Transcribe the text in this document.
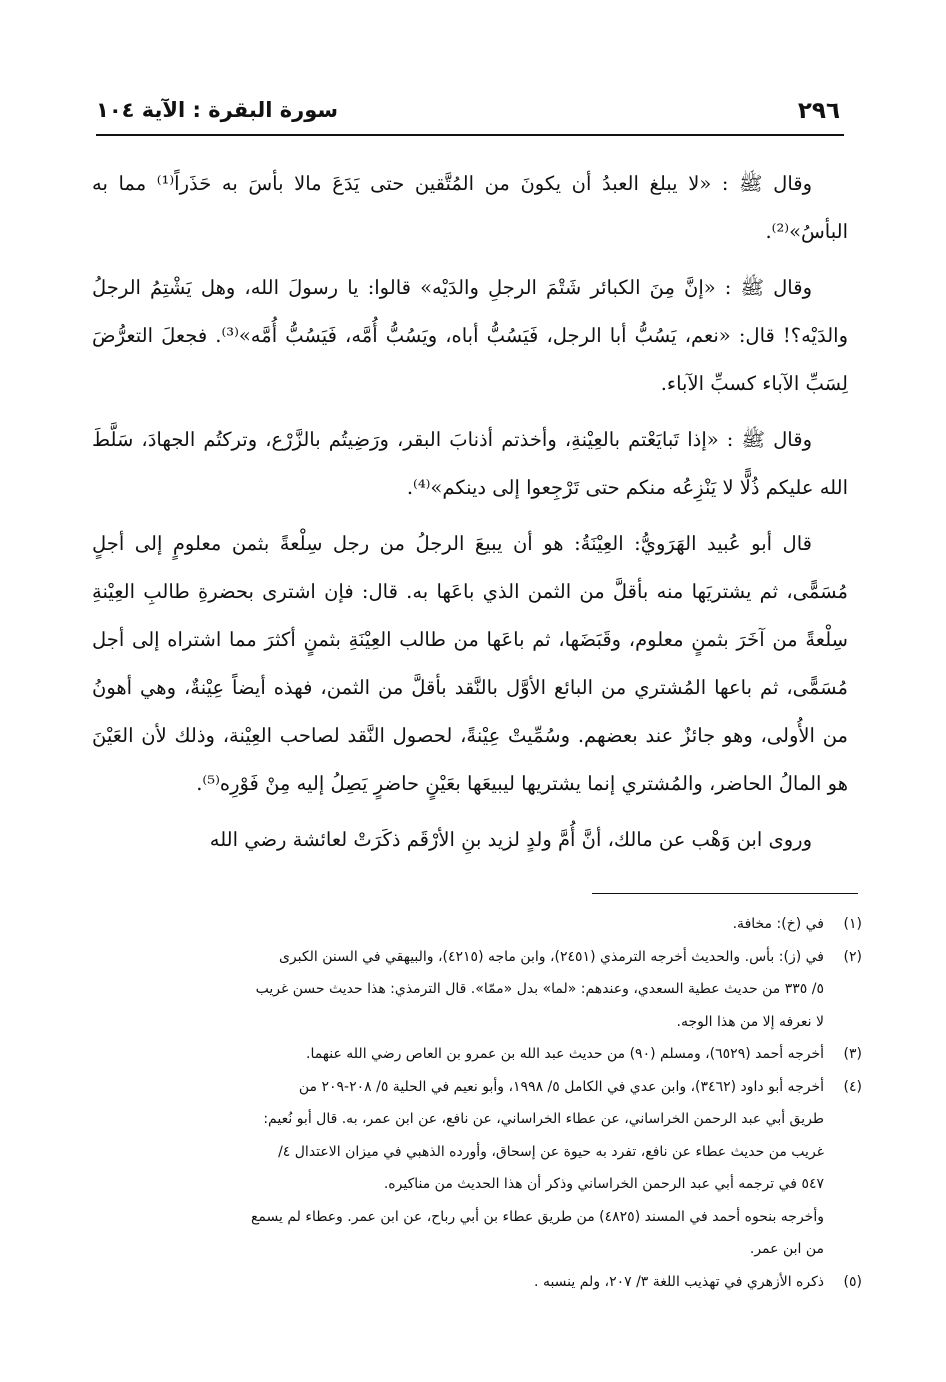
٢٩٦
سورة البقرة : الآية ١٠٤

وقال ﷺ : «لا يبلغ العبدُ أن يكونَ من المُتَّقين حتى يَدَعَ مالا بأسَ به حَذَراً⁽¹⁾ مما به البأسُ»⁽²⁾.

وقال ﷺ : «إنَّ مِنَ الكبائر شَتْمَ الرجلِ والدَيْه» قالوا: يا رسولَ الله، وهل يَشْتِمُ الرجلُ والدَيْه؟! قال: «نعم، يَسُبُّ أبا الرجل، فَيَسُبُّ أباه، ويَسُبُّ أُمَّه، فَيَسُبُّ أُمَّه»⁽³⁾. فجعلَ التعرُّضَ لِسَبِّ الآباء كسبِّ الآباء.

وقال ﷺ : «إذا تَبايَعْتم بالعِيْنةِ، وأخذتم أذنابَ البقر، ورَضِيتُم بالزَّرْع، وتركتُم الجهادَ، سَلَّطَ الله عليكم ذُلًّا لا يَنْزِعُه منكم حتى تَرْجِعوا إلى دينكم»⁽⁴⁾.

قال أبو عُبيد الهَرَويُّ: العِيْنَةُ: هو أن يبيعَ الرجلُ من رجل سِلْعةً بثمن معلومٍ إلى أجلٍ مُسَمًّى، ثم يشتريَها منه بأقلَّ من الثمن الذي باعَها به. قال: فإن اشترى بحضرةِ طالبِ العِيْنةِ سِلْعةً من آخَرَ بثمنٍ معلوم، وقَبَضَها، ثم باعَها من طالب العِيْنَةِ بثمنٍ أكثرَ مما اشتراه إلى أجل مُسَمًّى، ثم باعها المُشتري من البائع الأوَّل بالنَّقد بأقلَّ من الثمن، فهذه أيضاً عِيْنةٌ، وهي أهونُ من الأُولى، وهو جائزٌ عند بعضهم. وسُمِّيتْ عِيْنةً، لحصول النَّقد لصاحب العِيْنة، وذلك لأن العَيْنَ هو المالُ الحاضر، والمُشتري إنما يشتريها ليبيعَها بعَيْنٍ حاضرٍ يَصِلُ إليه مِنْ فَوْرِه⁽⁵⁾.

وروى ابن وَهْب عن مالك، أنَّ أُمَّ ولدٍ لزيد بنِ الأرْقَم ذكَرَتْ لعائشة رضي الله

(١)
في (خ): مخافة.
(٢)
في (ز): بأس. والحديث أخرجه الترمذي (٢٤٥١)، وابن ماجه (٤٢١٥)، والبيهقي في السنن الكبرى
٥/ ٣٣٥ من حديث عطية السعدي، وعندهم: «لما» بدل «ممّا». قال الترمذي: هذا حديث حسن غريب
لا نعرفه إلا من هذا الوجه.
(٣)
أخرجه أحمد (٦٥٢٩)، ومسلم (٩٠) من حديث عبد الله بن عمرو بن العاص رضي الله عنهما.
(٤)
أخرجه أبو داود (٣٤٦٢)، وابن عدي في الكامل ٥/ ١٩٩٨، وأبو نعيم في الحلية ٥/ ٢٠٨-٢٠٩ من
طريق أبي عبد الرحمن الخراساني، عن عطاء الخراساني، عن نافع، عن ابن عمر، به. قال أبو نُعيم:
غريب من حديث عطاء عن نافع، تفرد به حيوة عن إسحاق، وأورده الذهبي في ميزان الاعتدال ٤/
٥٤٧ في ترجمه أبي عبد الرحمن الخراساني وذكر أن هذا الحديث من مناكيره.
وأخرجه بنحوه أحمد في المسند (٤٨٢٥) من طريق عطاء بن أبي رباح، عن ابن عمر. وعطاء لم يسمع
من ابن عمر.
(٥)
ذكره الأزهري في تهذيب اللغة ٣/ ٢٠٧، ولم ينسبه .
